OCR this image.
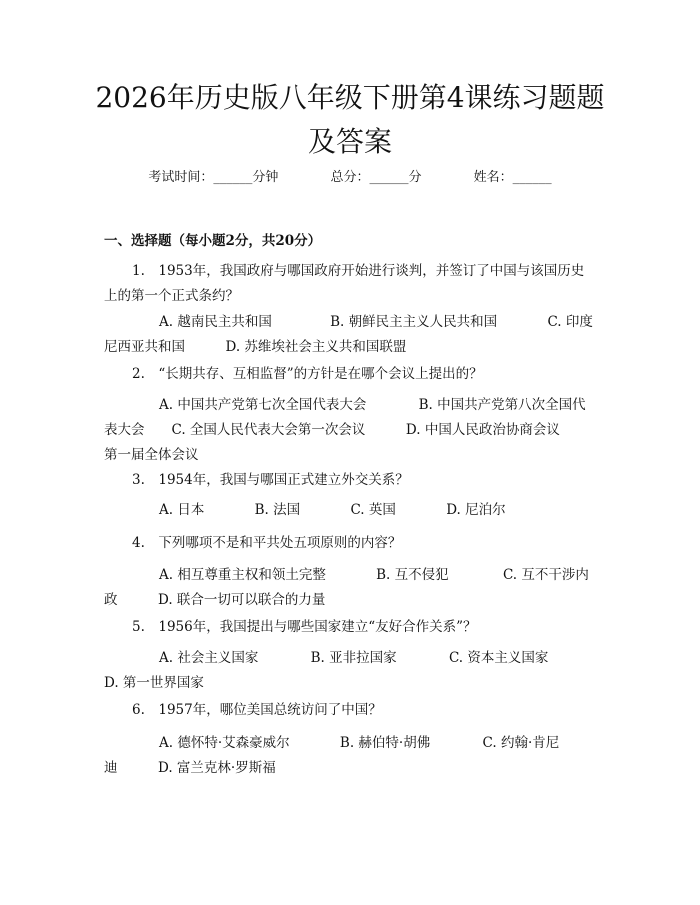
2026年历史版八年级下册第4课练习题题及答案
考试时间：______分钟	总分：______分	姓名：______
一、选择题（每小题2分，共20分）
1.　1953年，我国政府与哪国政府开始进行谈判，并签订了中国与该国历史上的第一个正式条约？
A. 越南民主共和国	B. 朝鲜民主主义人民共和国	C. 印度
尼西亚共和国　　　D. 苏维埃社会主义共和国联盟
2.　“长期共存、互相监督”的方针是在哪个会议上提出的？
A. 中国共产党第七次全国代表大会	B. 中国共产党第八次全国代
表大会　　C. 全国人民代表大会第一次会议　　　D. 中国人民政治协商会议
第一届全体会议
3.　1954年，我国与哪国正式建立外交关系？
A. 日本	B. 法国	C. 英国	D. 尼泊尔
4.　下列哪项不是和平共处五项原则的内容？
A. 相互尊重主权和领土完整	B. 互不侵犯	C. 互不干涉内
政　　　D. 联合一切可以联合的力量
5.　1956年，我国提出与哪些国家建立“友好合作关系”？
A. 社会主义国家	B. 亚非拉国家	C. 资本主义国家
D. 第一世界国家
6.　1957年，哪位美国总统访问了中国？
A. 德怀特·艾森豪威尔	B. 赫伯特·胡佛	C. 约翰·肯尼
迪　　　D. 富兰克林·罗斯福
